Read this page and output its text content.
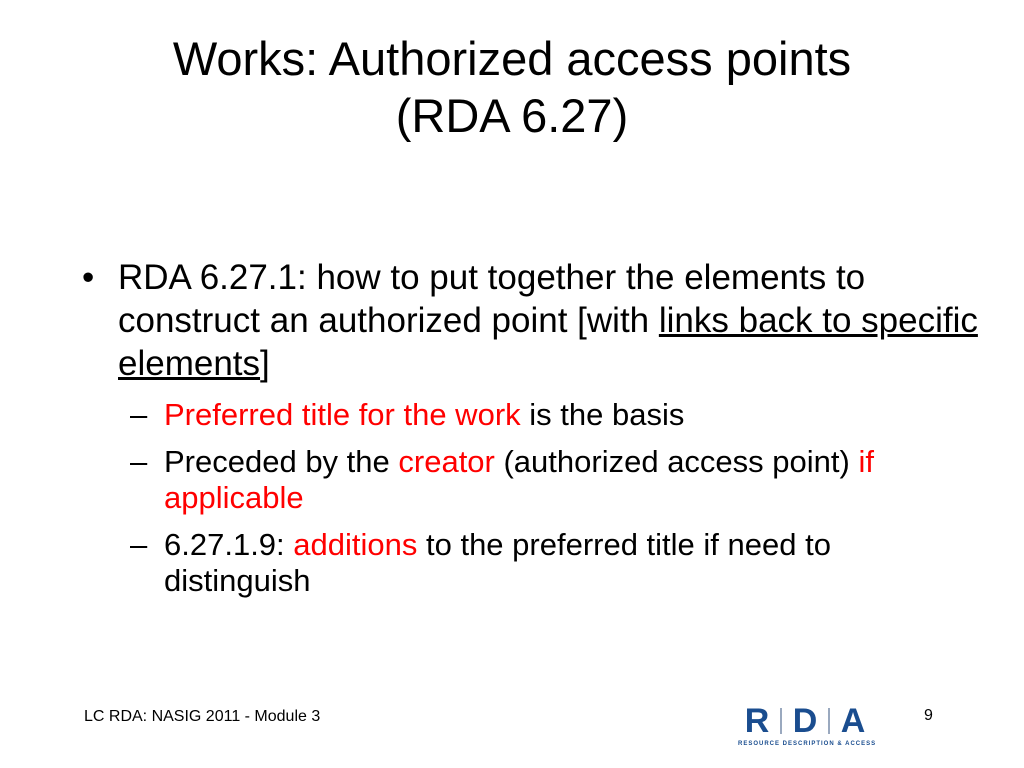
Works: Authorized access points
(RDA 6.27)
• RDA 6.27.1: how to put together the elements to construct an authorized point [with links back to specific elements]
– Preferred title for the work is the basis
– Preceded by the creator (authorized access point) if applicable
– 6.27.1.9: additions to the preferred title if need to distinguish
LC RDA: NASIG 2011 - Module 3	R D A
RESOURCE DESCRIPTION & ACCESS
9
